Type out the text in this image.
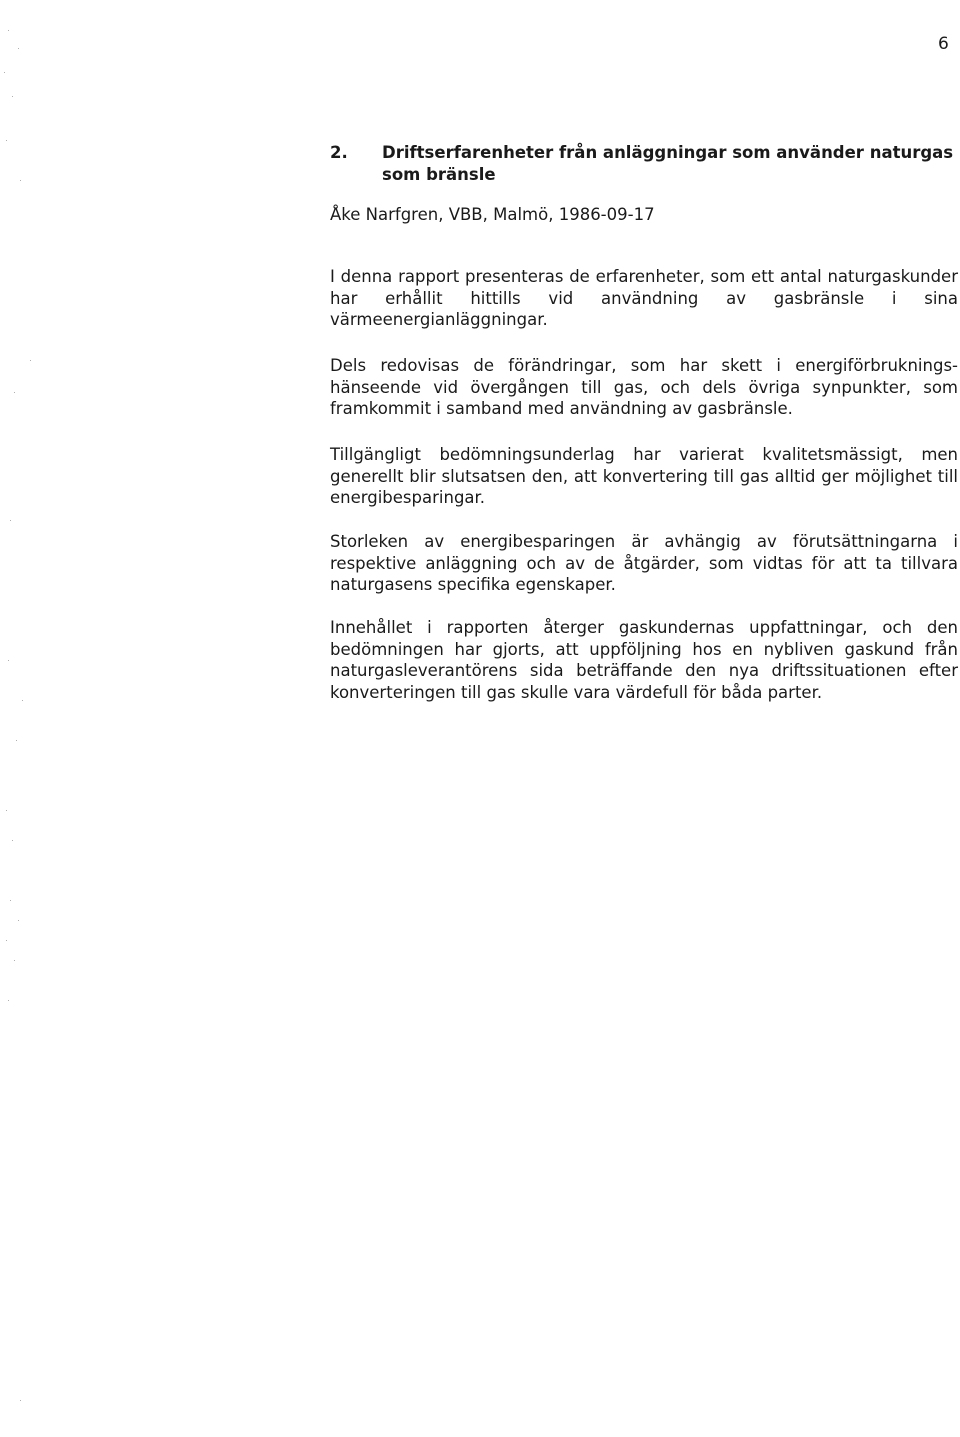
6
2. Driftserfarenheter från anläggningar som använder naturgas som bränsle
Åke Narfgren, VBB, Malmö, 1986-09-17

I denna rapport presenteras de erfarenheter, som ett antal naturgaskunder har erhållit hittills vid användning av gasbränsle i sina värmeenergianläggningar.

Dels redovisas de förändringar, som har skett i energiförbruknings-hänseende vid övergången till gas, och dels övriga synpunkter, som framkommit i samband med användning av gasbränsle.

Tillgängligt bedömningsunderlag har varierat kvalitetsmässigt, men generellt blir slutsatsen den, att konvertering till gas alltid ger möjlighet till energibesparingar.

Storleken av energibesparingen är avhängig av förutsättningarna i respektive anläggning och av de åtgärder, som vidtas för att ta tillvara naturgasens specifika egenskaper.

Innehållet i rapporten återger gaskundernas uppfattningar, och den bedömningen har gjorts, att uppföljning hos en nybliven gaskund från naturgasleverantörens sida beträffande den nya driftssituationen efter konverteringen till gas skulle vara värdefull för båda parter.
